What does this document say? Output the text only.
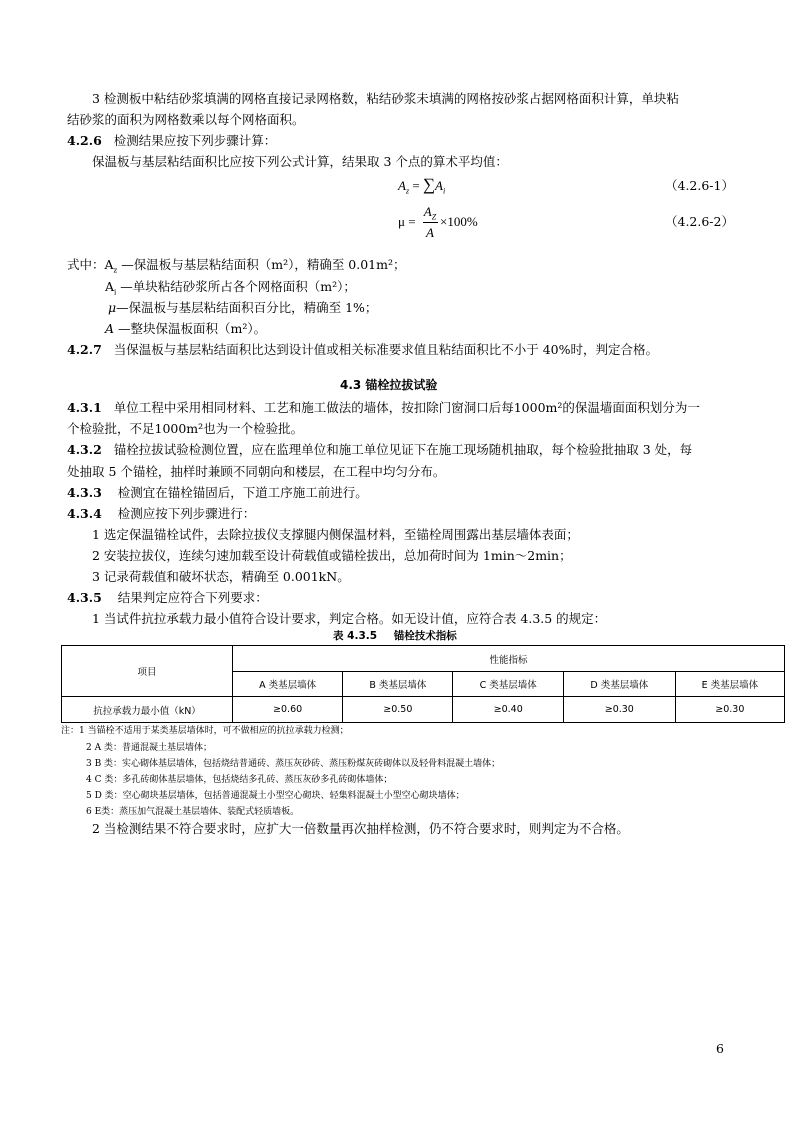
3 检测板中粘结砂浆填满的网格直接记录网格数，粘结砂浆未填满的网格按砂浆占据网格面积计算，单块粘
结砂浆的面积为网格数乘以每个网格面积。
4.2.6 检测结果应按下列步骤计算：
保温板与基层粘结面积比应按下列公式计算，结果取 3 个点的算术平均值：
$A_z = \sum A_i$	（4.2.6-1）
μ =
$A_Z$
A
×100%	（4.2.6-2）
式中：$A_z$ —保温板与基层粘结面积（m²），精确至 0.01m²；
$A_i$ —单块粘结砂浆所占各个网格面积（m²）；
μ—保温板与基层粘结面积百分比，精确至 1%；
A —整块保温板面积（m²）。
4.2.7 当保温板与基层粘结面积比达到设计值或相关标准要求值且粘结面积比不小于 40%时，判定合格。
4.3 锚栓拉拔试验
4.3.1 单位工程中采用相同材料、工艺和施工做法的墙体，按扣除门窗洞口后每1000m²的保温墙面面积划分为一
个检验批，不足1000m²也为一个检验批。
4.3.2 锚栓拉拔试验检测位置，应在监理单位和施工单位见证下在施工现场随机抽取，每个检验批抽取 3 处，每
处抽取 5 个锚栓，抽样时兼顾不同朝向和楼层，在工程中均匀分布。
4.3.3 检测宜在锚栓锚固后，下道工序施工前进行。
4.3.4 检测应按下列步骤进行：
1 选定保温锚栓试件，去除拉拔仪支撑腿内侧保温材料，至锚栓周围露出基层墙体表面；
2 安装拉拔仪，连续匀速加载至设计荷载值或锚栓拔出，总加荷时间为 1min～2min；
3 记录荷载值和破坏状态，精确至 0.001kN。
4.3.5 结果判定应符合下列要求：
1 当试件抗拉承载力最小值符合设计要求，判定合格。如无设计值，应符合表 4.3.5 的规定：
表 4.3.5 锚栓技术指标
项目	性能指标				
	A 类基层墙体	B 类基层墙体	C 类基层墙体	D 类基层墙体	E 类基层墙体
抗拉承载力最小值（kN）	≥0.60	≥0.50	≥0.40	≥0.30	≥0.30
注：1 当锚栓不适用于某类基层墙体时，可不做相应的抗拉承载力检测；
2 A 类：普通混凝土基层墙体；
3 B 类：实心砌体基层墙体，包括烧结普通砖、蒸压灰砂砖、蒸压粉煤灰砖砌体以及轻骨料混凝土墙体；
4 C 类：多孔砖砌体基层墙体，包括烧结多孔砖、蒸压灰砂多孔砖砌体墙体；
5 D 类：空心砌块基层墙体，包括普通混凝土小型空心砌块、轻集料混凝土小型空心砌块墙体；
6 E类：蒸压加气混凝土基层墙体、装配式轻质墙板。
2 当检测结果不符合要求时，应扩大一倍数量再次抽样检测，仍不符合要求时，则判定为不合格。
6
